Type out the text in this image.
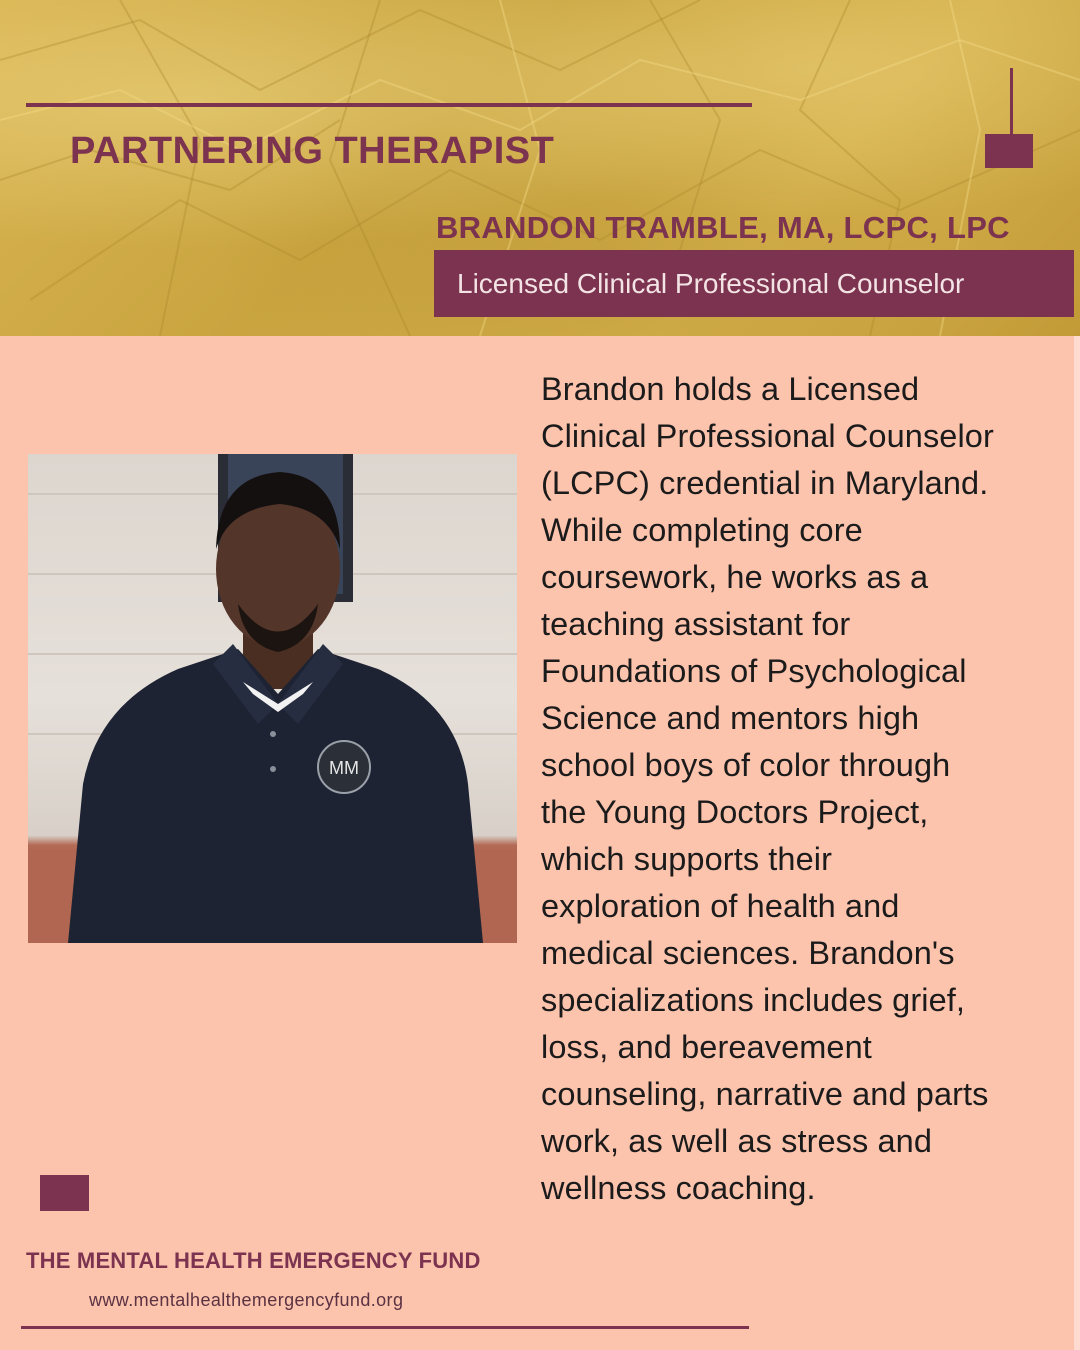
PARTNERING THERAPIST
BRANDON TRAMBLE, MA, LCPC, LPC
Licensed Clinical Professional Counselor
MM
Brandon holds a Licensed
Clinical Professional Counselor
(LCPC) credential in Maryland.
While completing core
coursework, he works as a
teaching assistant for
Foundations of Psychological
Science and mentors high
school boys of color through
the Young Doctors Project,
which supports their
exploration of health and
medical sciences. Brandon's
specializations includes grief,
loss, and bereavement
counseling, narrative and parts
work, as well as stress and
wellness coaching.
THE MENTAL HEALTH EMERGENCY FUND
www.mentalhealthemergencyfund.org
